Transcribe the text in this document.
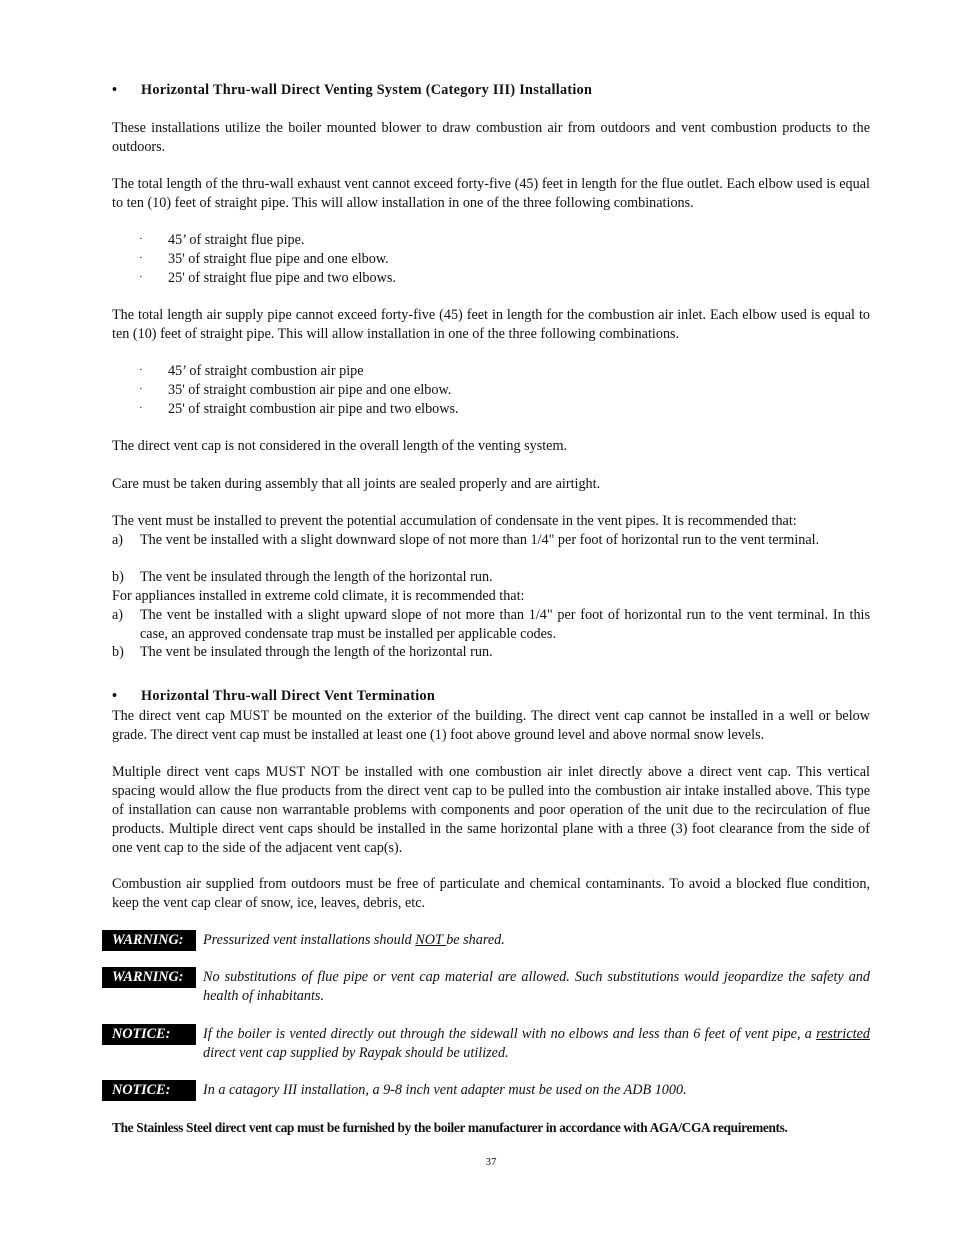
•	Horizontal Thru-wall Direct Venting System (Category III) Installation
These installations utilize the boiler mounted blower to draw combustion air from outdoors and vent combustion products to the outdoors.
The total length of the thru-wall exhaust vent cannot exceed forty-five (45) feet in length for the flue outlet. Each elbow used is equal to ten (10) feet of straight pipe. This will allow installation in one of the three following combinations.
· 45’ of straight flue pipe.
· 35' of straight flue pipe and one elbow.
· 25' of straight flue pipe and two elbows.
The total length air supply pipe cannot exceed forty-five (45) feet in length for the combustion air inlet. Each elbow used is equal to ten (10) feet of straight pipe. This will allow installation in one of the three following combinations.
· 45’ of straight combustion air pipe
· 35' of straight combustion air pipe and one elbow.
· 25' of straight combustion air pipe and two elbows.
The direct vent cap is not considered in the overall length of the venting system.
Care must be taken during assembly that all joints are sealed properly and are airtight.
The vent must be installed to prevent the potential accumulation of condensate in the vent pipes. It is recommended that:
a)	The vent be installed with a slight downward slope of not more than 1/4" per foot of horizontal run to the vent terminal.
b)	The vent be insulated through the length of the horizontal run.
For appliances installed in extreme cold climate, it is recommended that:
a)	The vent be installed with a slight upward slope of not more than 1/4" per foot of horizontal run to the vent terminal. In this case, an approved condensate trap must be installed per applicable codes.
b)	The vent be insulated through the length of the horizontal run.
•	Horizontal Thru-wall Direct Vent Termination
The direct vent cap MUST be mounted on the exterior of the building. The direct vent cap cannot be installed in a well or below grade. The direct vent cap must be installed at least one (1) foot above ground level and above normal snow levels.
Multiple direct vent caps MUST NOT be installed with one combustion air inlet directly above a direct vent cap. This vertical spacing would allow the flue products from the direct vent cap to be pulled into the combustion air intake installed above. This type of installation can cause non warrantable problems with components and poor operation of the unit due to the recirculation of flue products. Multiple direct vent caps should be installed in the same horizontal plane with a three (3) foot clearance from the side of one vent cap to the side of the adjacent vent cap(s).
Combustion air supplied from outdoors must be free of particulate and chemical contaminants. To avoid a blocked flue condition, keep the vent cap clear of snow, ice, leaves, debris, etc.
WARNING:	Pressurized vent installations should NOT be shared.
WARNING:	No substitutions of flue pipe or vent cap material are allowed. Such substitutions would jeopardize the safety and health of inhabitants.
NOTICE:	If the boiler is vented directly out through the sidewall with no elbows and less than 6 feet of vent pipe, a restricted direct vent cap supplied by Raypak should be utilized.
NOTICE:	In a catagory III installation, a 9-8 inch vent adapter must be used on the ADB 1000.
The Stainless Steel direct vent cap must be furnished by the boiler manufacturer in accordance with AGA/CGA requirements.
37
